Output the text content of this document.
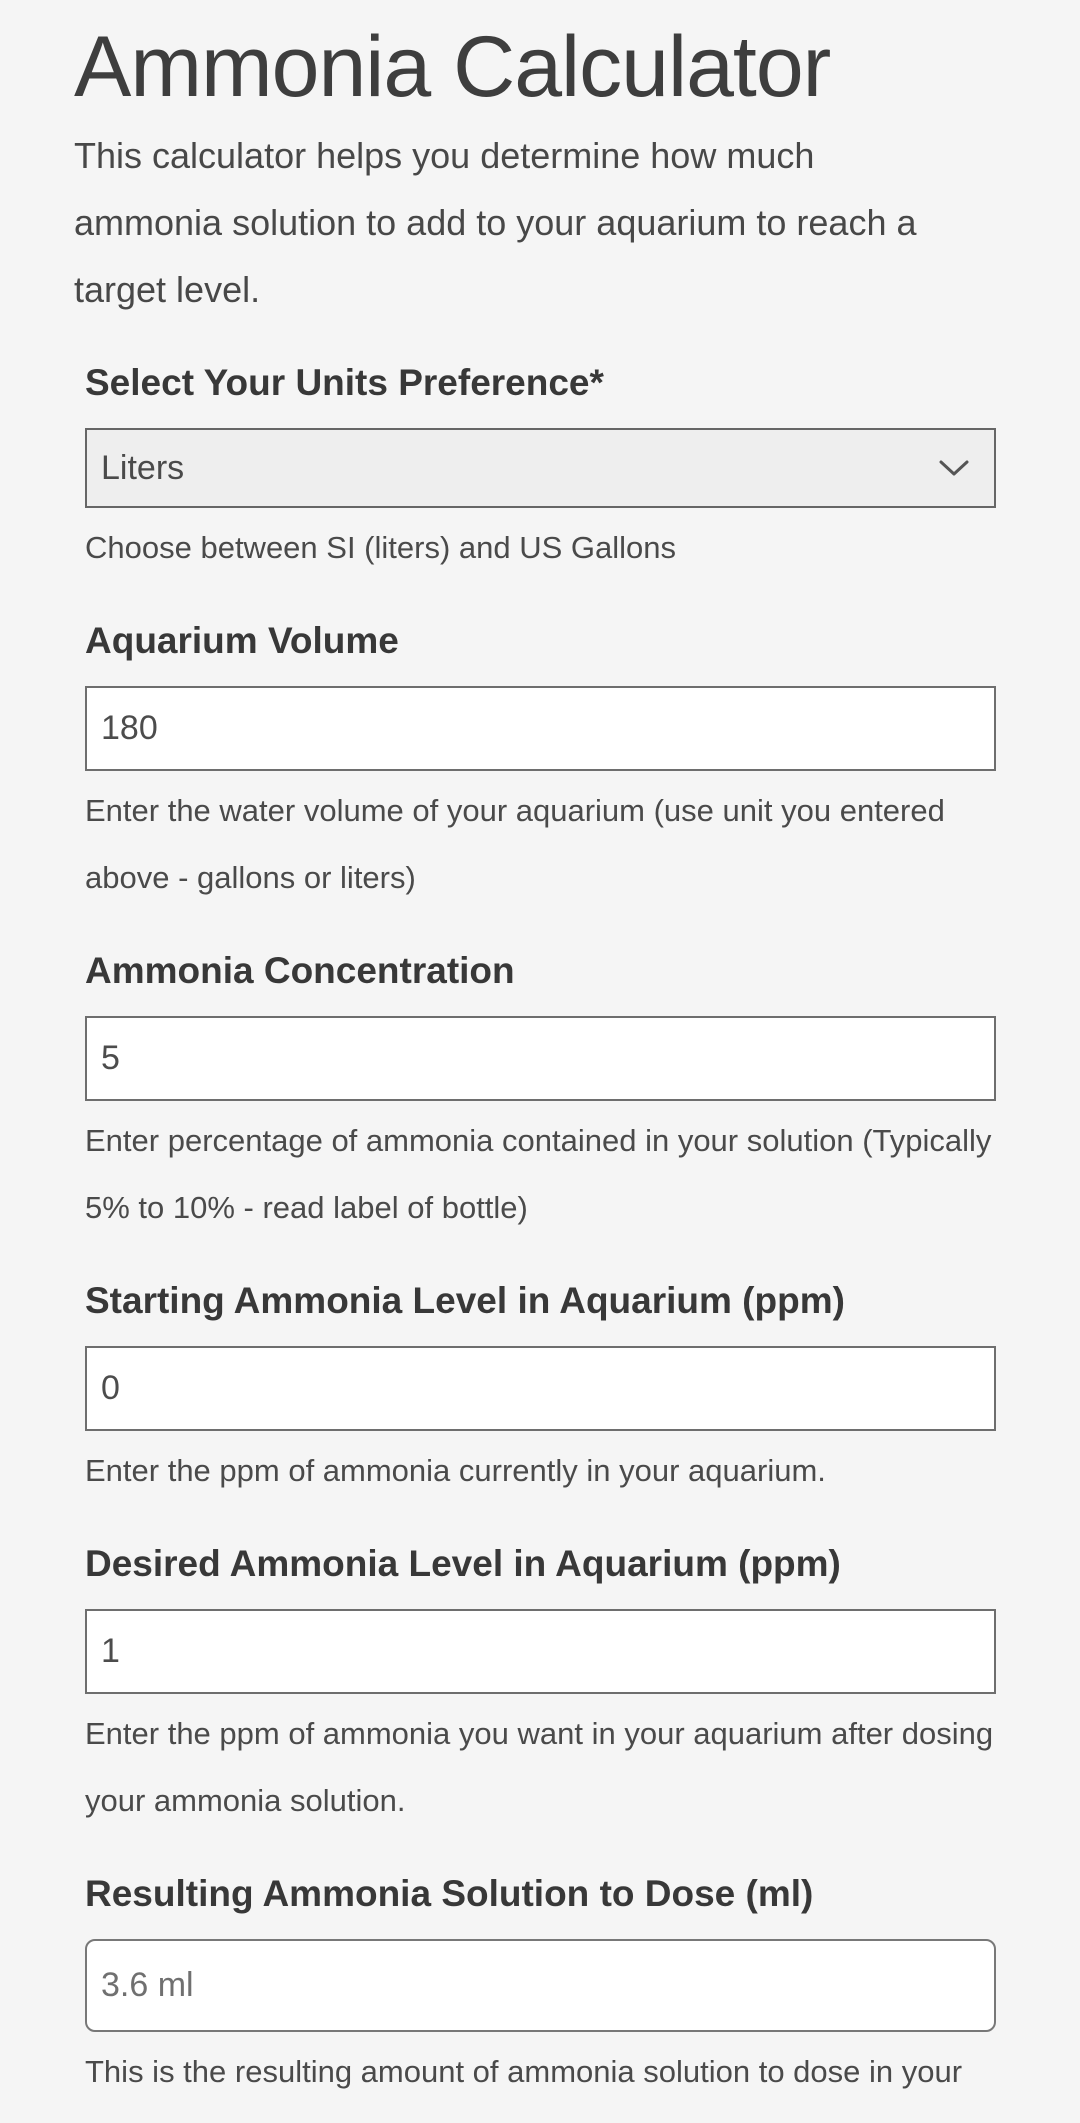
Ammonia Calculator
This calculator helps you determine how much
ammonia solution to add to your aquarium to reach a
target level.
Select Your Units Preference*
Liters
Choose between SI (liters) and US Gallons
Aquarium Volume
180
Enter the water volume of your aquarium (use unit you entered
above - gallons or liters)
Ammonia Concentration
5
Enter percentage of ammonia contained in your solution (Typically
5% to 10% - read label of bottle)
Starting Ammonia Level in Aquarium (ppm)
0
Enter the ppm of ammonia currently in your aquarium.
Desired Ammonia Level in Aquarium (ppm)
1
Enter the ppm of ammonia you want in your aquarium after dosing
your ammonia solution.
Resulting Ammonia Solution to Dose (ml)
3.6 ml
This is the resulting amount of ammonia solution to dose in your
